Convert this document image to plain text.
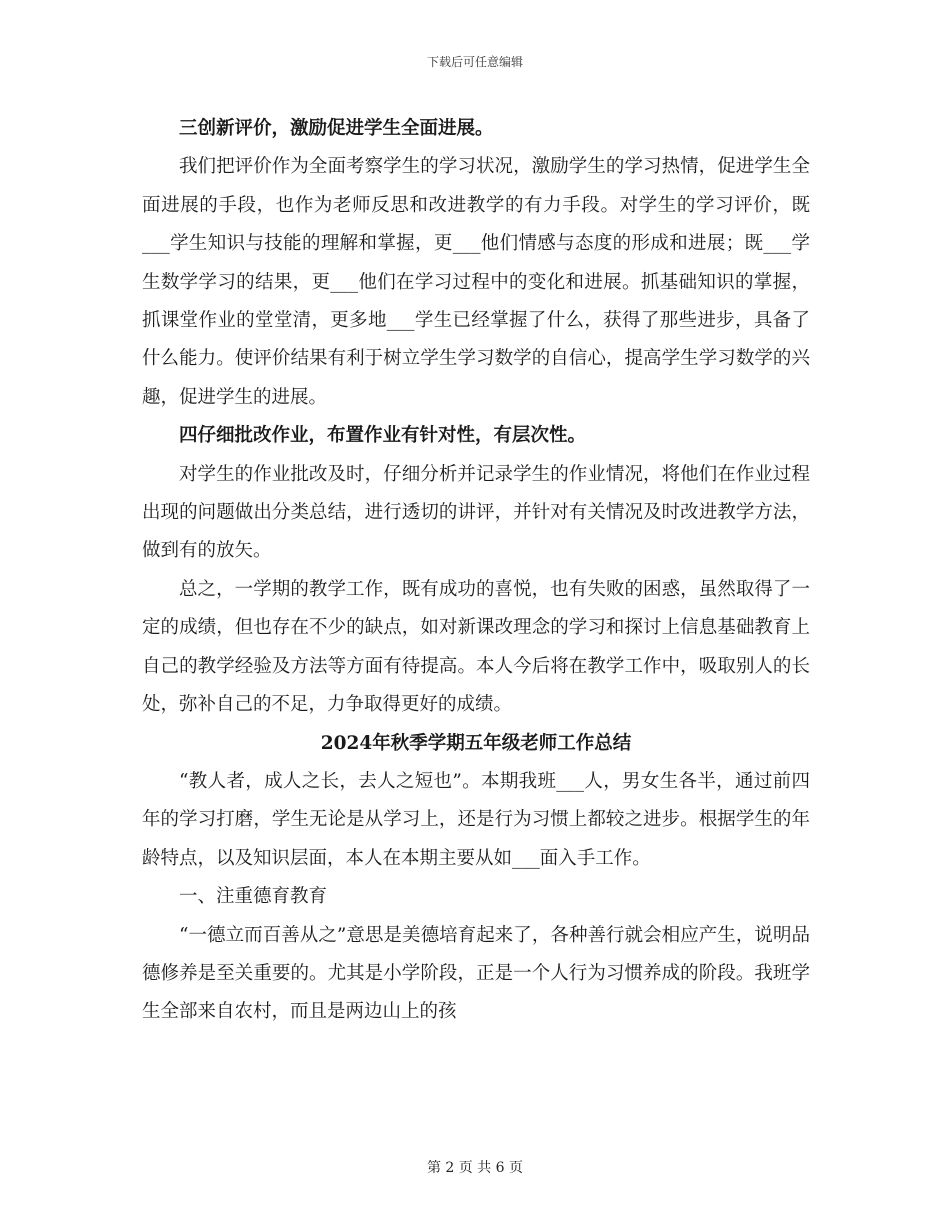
下载后可任意编辑

三创新评价，激励促进学生全面进展。

我们把评价作为全面考察学生的学习状况，激励学生的学习热情，促进学生全面进展的手段，也作为老师反思和改进教学的有力手段。对学生的学习评价，既___学生知识与技能的理解和掌握，更___他们情感与态度的形成和进展；既___学生数学学习的结果，更___他们在学习过程中的变化和进展。抓基础知识的掌握，抓课堂作业的堂堂清，更多地___学生已经掌握了什么，获得了那些进步，具备了什么能力。使评价结果有利于树立学生学习数学的自信心，提高学生学习数学的兴趣，促进学生的进展。

四仔细批改作业，布置作业有针对性，有层次性。

对学生的作业批改及时，仔细分析并记录学生的作业情况，将他们在作业过程出现的问题做出分类总结，进行透切的讲评，并针对有关情况及时改进教学方法，做到有的放矢。

总之，一学期的教学工作，既有成功的喜悦，也有失败的困惑，虽然取得了一定的成绩，但也存在不少的缺点，如对新课改理念的学习和探讨上信息基础教育上自己的教学经验及方法等方面有待提高。本人今后将在教学工作中，吸取别人的长处，弥补自己的不足，力争取得更好的成绩。

2024年秋季学期五年级老师工作总结

“教人者，成人之长，去人之短也”。本期我班___人，男女生各半，通过前四年的学习打磨，学生无论是从学习上，还是行为习惯上都较之进步。根据学生的年龄特点，以及知识层面，本人在本期主要从如___面入手工作。

一、注重德育教育

“一德立而百善从之”意思是美德培育起来了，各种善行就会相应产生，说明品德修养是至关重要的。尤其是小学阶段，正是一个人行为习惯养成的阶段。我班学生全部来自农村，而且是两边山上的孩

第 2 页 共 6 页
